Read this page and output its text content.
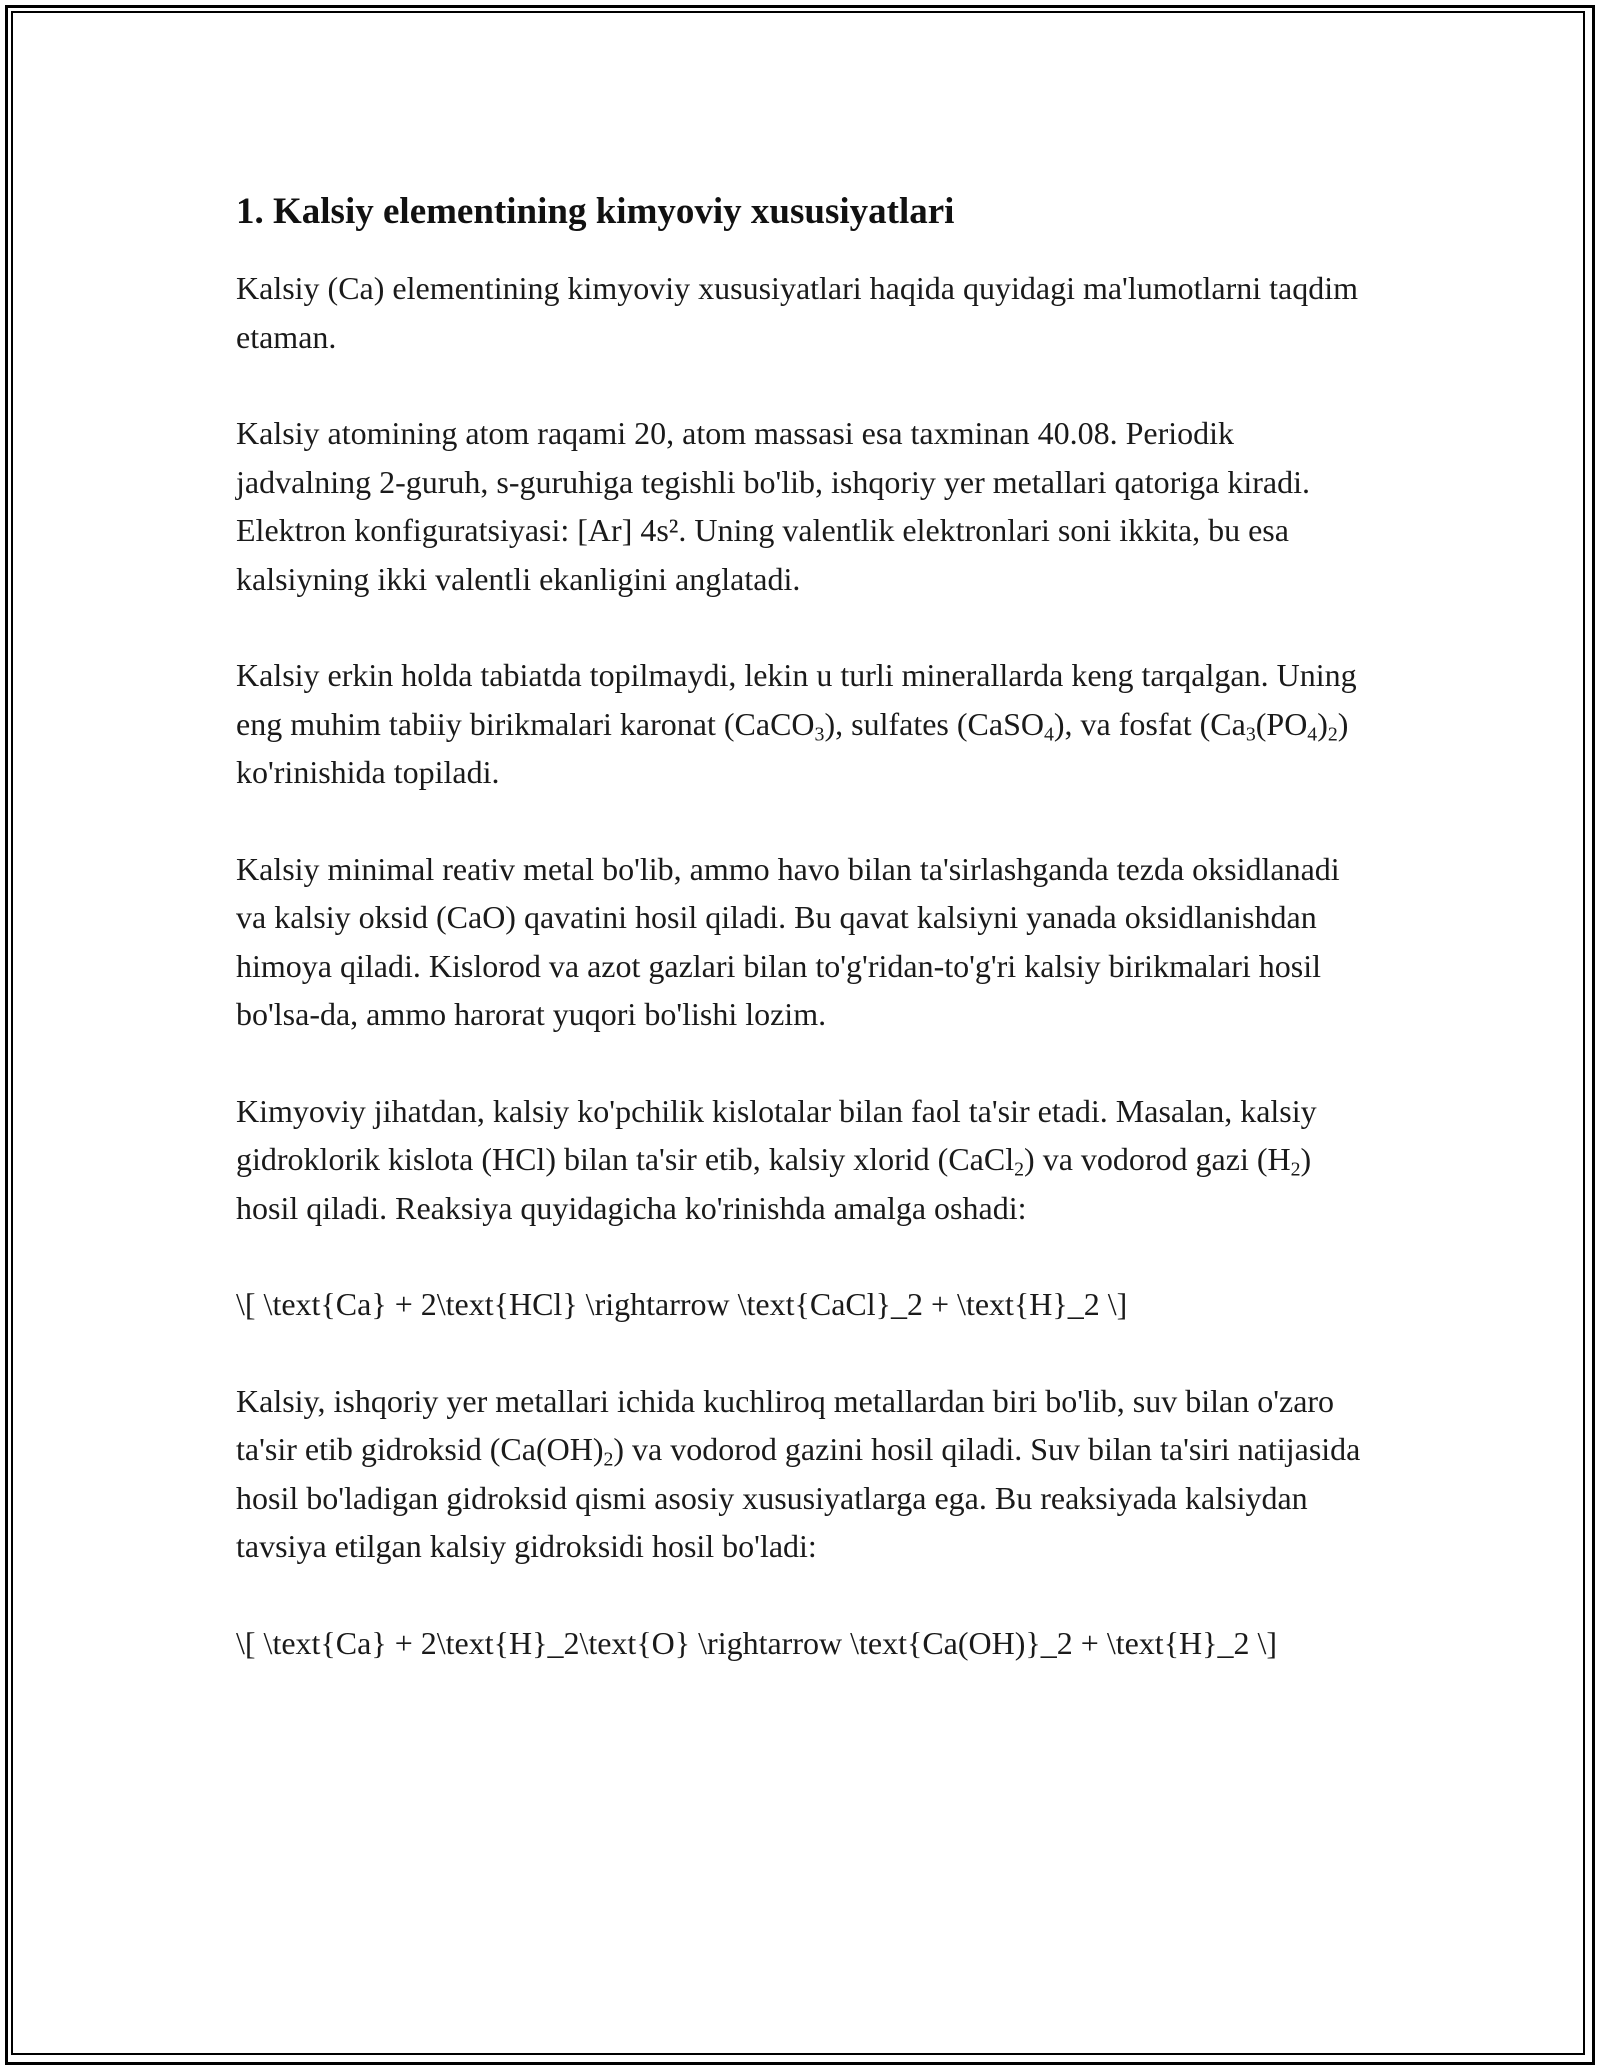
1. Kalsiy elementining kimyoviy xususiyatlari

Kalsiy (Ca) elementining kimyoviy xususiyatlari haqida quyidagi ma'lumotlarni taqdim etaman.

Kalsiy atomining atom raqami 20, atom massasi esa taxminan 40.08. Periodik jadvalning 2-guruh, s-guruhiga tegishli bo'lib, ishqoriy yer metallari qatoriga kiradi. Elektron konfiguratsiyasi: [Ar] 4s². Uning valentlik elektronlari soni ikkita, bu esa kalsiyning ikki valentli ekanligini anglatadi.

Kalsiy erkin holda tabiatda topilmaydi, lekin u turli minerallarda keng tarqalgan. Uning eng muhim tabiiy birikmalari karonat (CaCO$_3$), sulfates (CaSO$_4$), va fosfat $(Ca_3(PO_4)_2)$ ko'rinishida topiladi.

Kalsiy minimal reativ metal bo'lib, ammo havo bilan ta'sirlashganda tezda oksidlanadi va kalsiy oksid (CaO) qavatini hosil qiladi. Bu qavat kalsiyni yanada oksidlanishdan himoya qiladi. Kislorod va azot gazlari bilan to'g'ridan-to'g'ri kalsiy birikmalari hosil bo'lsa-da, ammo harorat yuqori bo'lishi lozim.

Kimyoviy jihatdan, kalsiy ko'pchilik kislotalar bilan faol ta'sir etadi. Masalan, kalsiy gidroklorik kislota (HCl) bilan ta'sir etib, kalsiy xlorid (CaCl$_2$) va vodorod gazi $(H_2)$ hosil qiladi. Reaksiya quyidagicha ko'rinishda amalga oshadi:

\[ \text{Ca} + 2\text{HCl} \rightarrow \text{CaCl}_2 + \text{H}_2 \]

Kalsiy, ishqoriy yer metallari ichida kuchliroq metallardan biri bo'lib, suv bilan o'zaro ta'sir etib gidroksid $(Ca(OH)_2)$ va vodorod gazini hosil qiladi. Suv bilan ta'siri natijasida hosil bo'ladigan gidroksid qismi asosiy xususiyatlarga ega. Bu reaksiyada kalsiydan tavsiya etilgan kalsiy gidroksidi hosil bo'ladi:

\[ \text{Ca} + 2\text{H}_2\text{O} \rightarrow \text{Ca(OH)}_2 + \text{H}_2 \]
